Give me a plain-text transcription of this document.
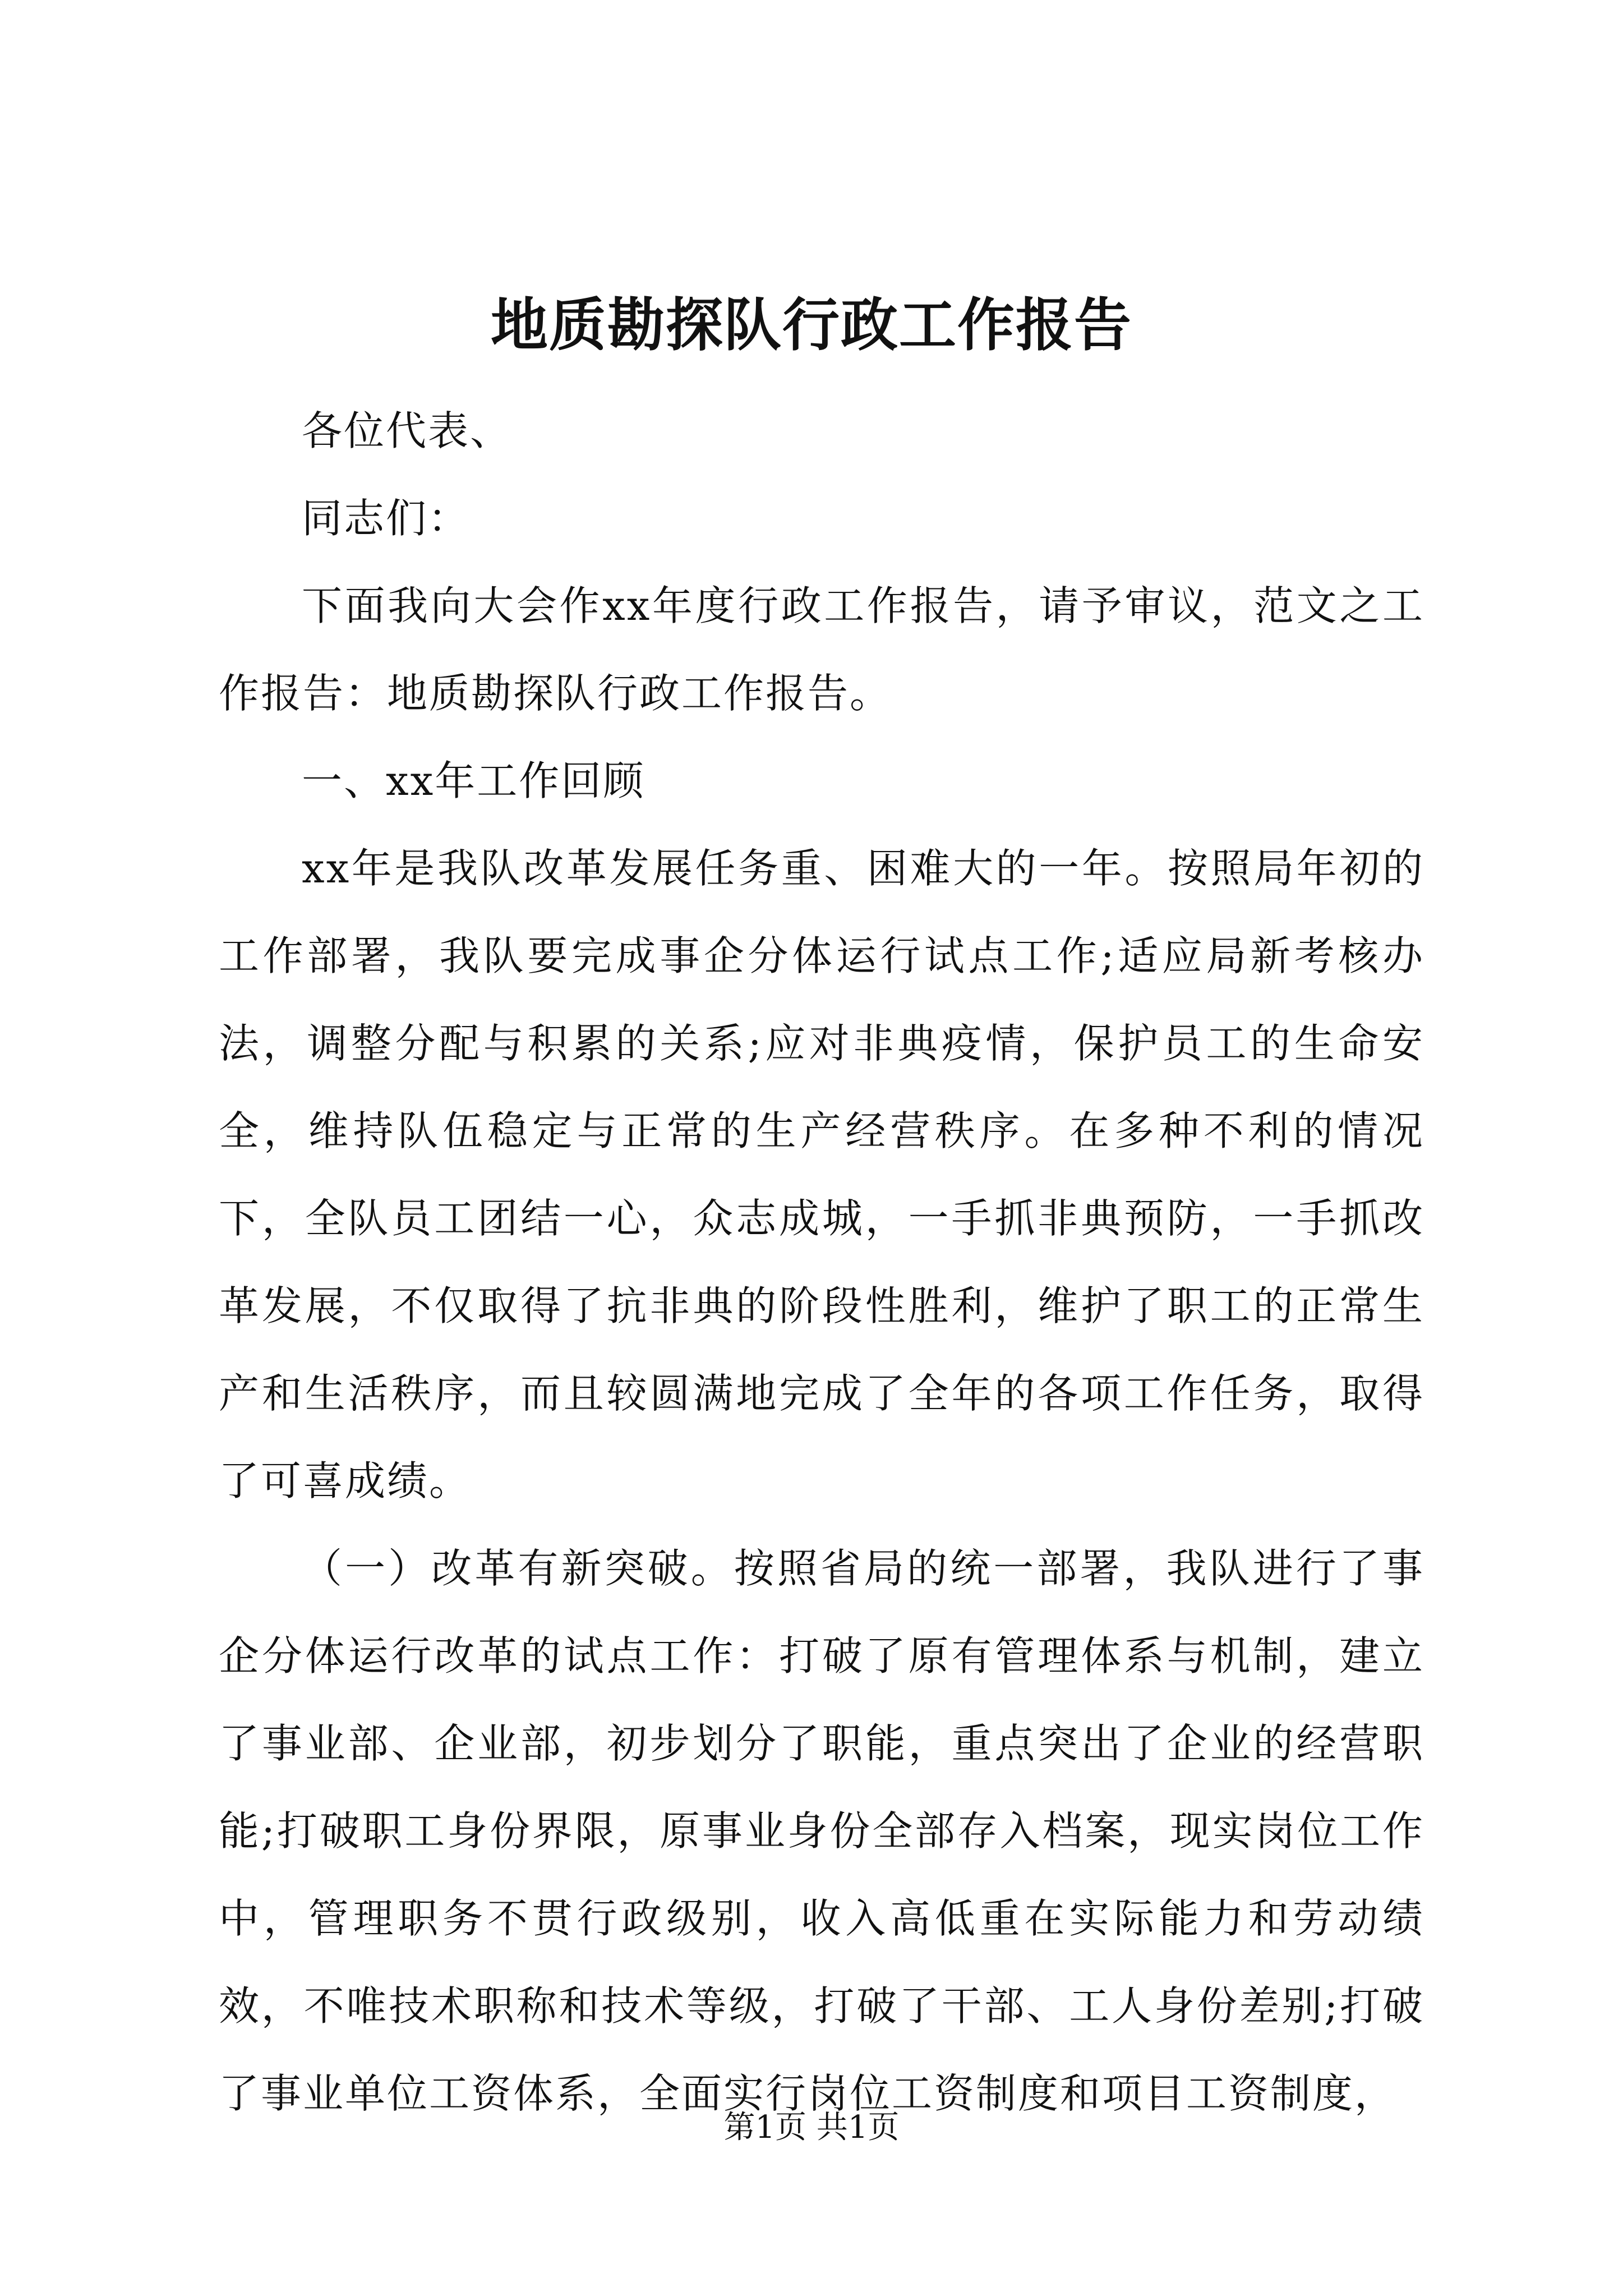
地质勘探队行政工作报告

各位代表、

同志们：

下面我向大会作xx年度行政工作报告，请予审议，范文之工作报告：地质勘探队行政工作报告。

一、xx年工作回顾

xx年是我队改革发展任务重、困难大的一年。按照局年初的工作部署，我队要完成事企分体运行试点工作;适应局新考核办法，调整分配与积累的关系;应对非典疫情，保护员工的生命安全，维持队伍稳定与正常的生产经营秩序。在多种不利的情况下，全队员工团结一心，众志成城，一手抓非典预防，一手抓改革发展，不仅取得了抗非典的阶段性胜利，维护了职工的正常生产和生活秩序，而且较圆满地完成了全年的各项工作任务，取得了可喜成绩。

（一）改革有新突破。按照省局的统一部署，我队进行了事企分体运行改革的试点工作：打破了原有管理体系与机制，建立了事业部、企业部，初步划分了职能，重点突出了企业的经营职能;打破职工身份界限，原事业身份全部存入档案，现实岗位工作中，管理职务不贯行政级别，收入高低重在实际能力和劳动绩效，不唯技术职称和技术等级，打破了干部、工人身份差别;打破了事业单位工资体系，全面实行岗位工资制度和项目工资制度，

第1页 共1页
